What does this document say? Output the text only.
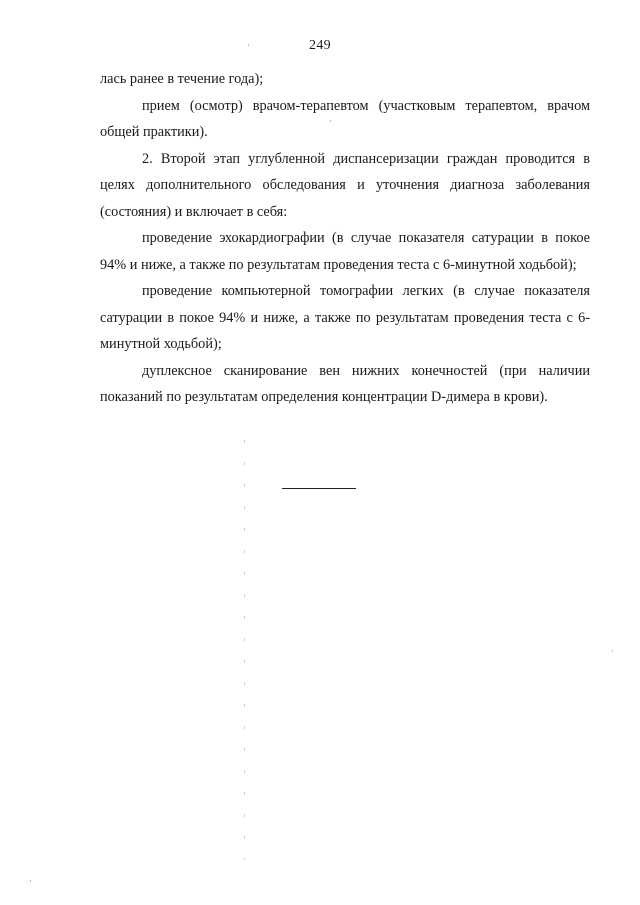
249

лась ранее в течение года);

прием (осмотр) врачом-терапевтом (участковым терапевтом, врачом общей практики).

2. Второй этап углубленной диспансеризации граждан проводится в целях дополнительного обследования и уточнения диагноза заболевания (состояния) и включает в себя:

проведение эхокардиографии (в случае показателя сатурации в покое 94% и ниже, а также по результатам проведения теста с 6-минутной ходьбой);

проведение компьютерной томографии легких (в случае показателя сатурации в покое 94% и ниже, а также по результатам проведения теста с 6-минутной ходьбой);

дуплексное сканирование вен нижних конечностей (при наличии показаний по результатам определения концентрации D-димера в крови).
